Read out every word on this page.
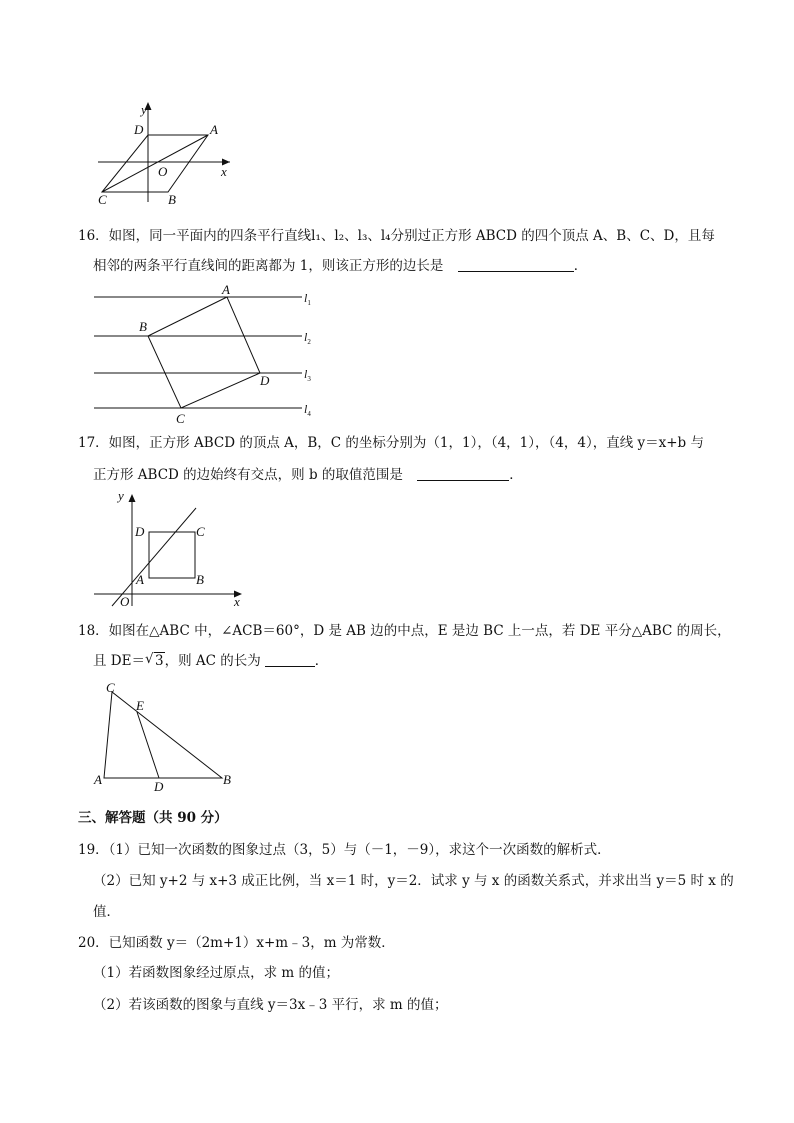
y
x
D	A
O
C	B
16．如图，同一平面内的四条平行直线l₁、l₂、l₃、l₄分别过正方形 ABCD 的四个顶点 A、B、C、D，且每
相邻的两条平行直线间的距离都为 1，则该正方形的边长是	．
A
B
D
C
$l_1$
$l_2$
$l_3$
$l_4$
17．如图，正方形 ABCD 的顶点 A，B，C 的坐标分别为（1，1），（4，1），（4，4），直线 y＝x+b 与
正方形 ABCD 的边始终有交点，则 b 的取值范围是	．
y
x
O
A	B
C
D
18．如图在△ABC 中，∠ACB＝60°，D 是 AB 边的中点，E 是边 BC 上一点，若 DE 平分△ABC 的周长，
且 DE＝ √ 3，则 AC 的长为	．
C
E
A	D	B
三、解答题（共 90 分）
19．（1）已知一次函数的图象过点（3，5）与（－1，－9），求这个一次函数的解析式．
（2）已知 y+2 与 x+3 成正比例，当 x＝1 时，y＝2．试求 y 与 x 的函数关系式，并求出当 y＝5 时 x 的
值．
20．已知函数 y＝（2m+1）x+m﹣3，m 为常数．
（1）若函数图象经过原点，求 m 的值；
（2）若该函数的图象与直线 y＝3x﹣3 平行，求 m 的值；
